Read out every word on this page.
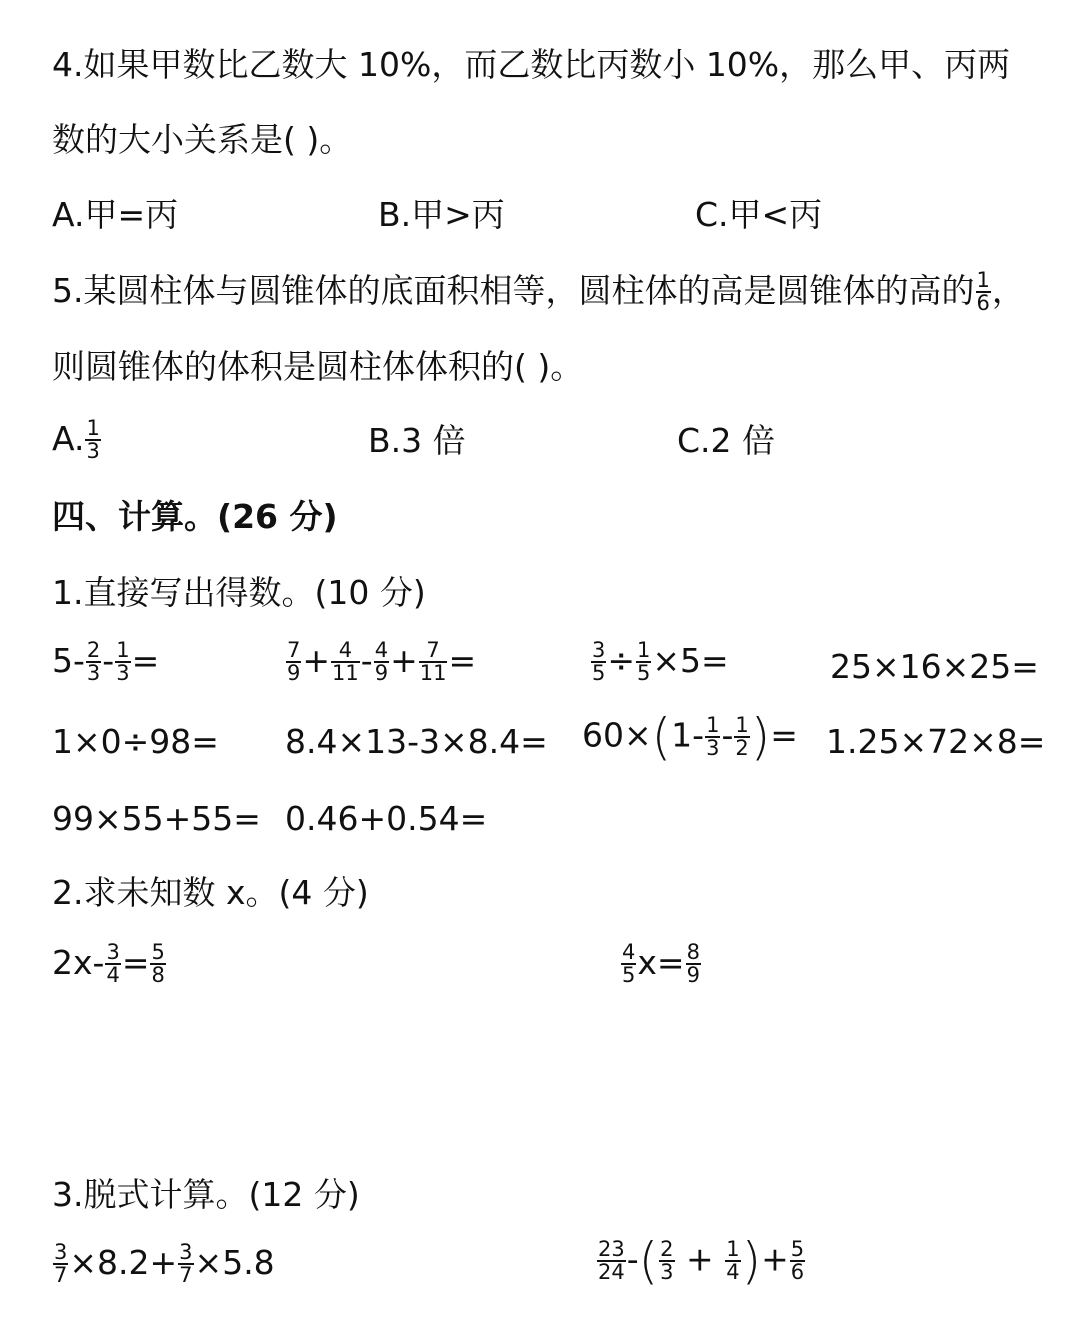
4.如果甲数比乙数大 10%，而乙数比丙数小 10%，那么甲、丙两
数的大小关系是( )。
A.甲=丙	B.甲>丙	C.甲<丙
5.某圆柱体与圆锥体的底面积相等，圆柱体的高是圆锥体的高的 $\frac{1}{6}$ ，
则圆锥体的体积是圆柱体体积的( )。
A. $\frac{1}{3}$	B.3 倍	C.2 倍
四、计算。(26 分)
1.直接写出得数。(10 分)
$5- \frac{2}{3} - \frac{1}{3}$ =	$\frac{7}{9} + \frac{4}{11} - \frac{4}{9} + \frac{7}{11}$ =	$\frac{3}{5} \div \frac{1}{5} \times 5=$	25×16×25=
$1\times 0\div 98= 8.4\times 13-3\times 8.4= 60\times(1- \frac{1}{3} - \frac{1}{2}$ )= 1.25×72×8=
99×55+55= 0.46+0.54=
2.求未知数 x。(4 分)
$2x- \frac{3}{4} = \frac{5}{8}$	$\frac{4}{5} x= \frac{8}{9}$
3.脱式计算。(12 分)
$\frac{3}{7} \times 8.2+ \frac{3}{7} \times 5.8$	$\frac{23}{24}$ -( $\frac{2}{3} + \frac{1}{4}$ )+ $\frac{5}{6}$
